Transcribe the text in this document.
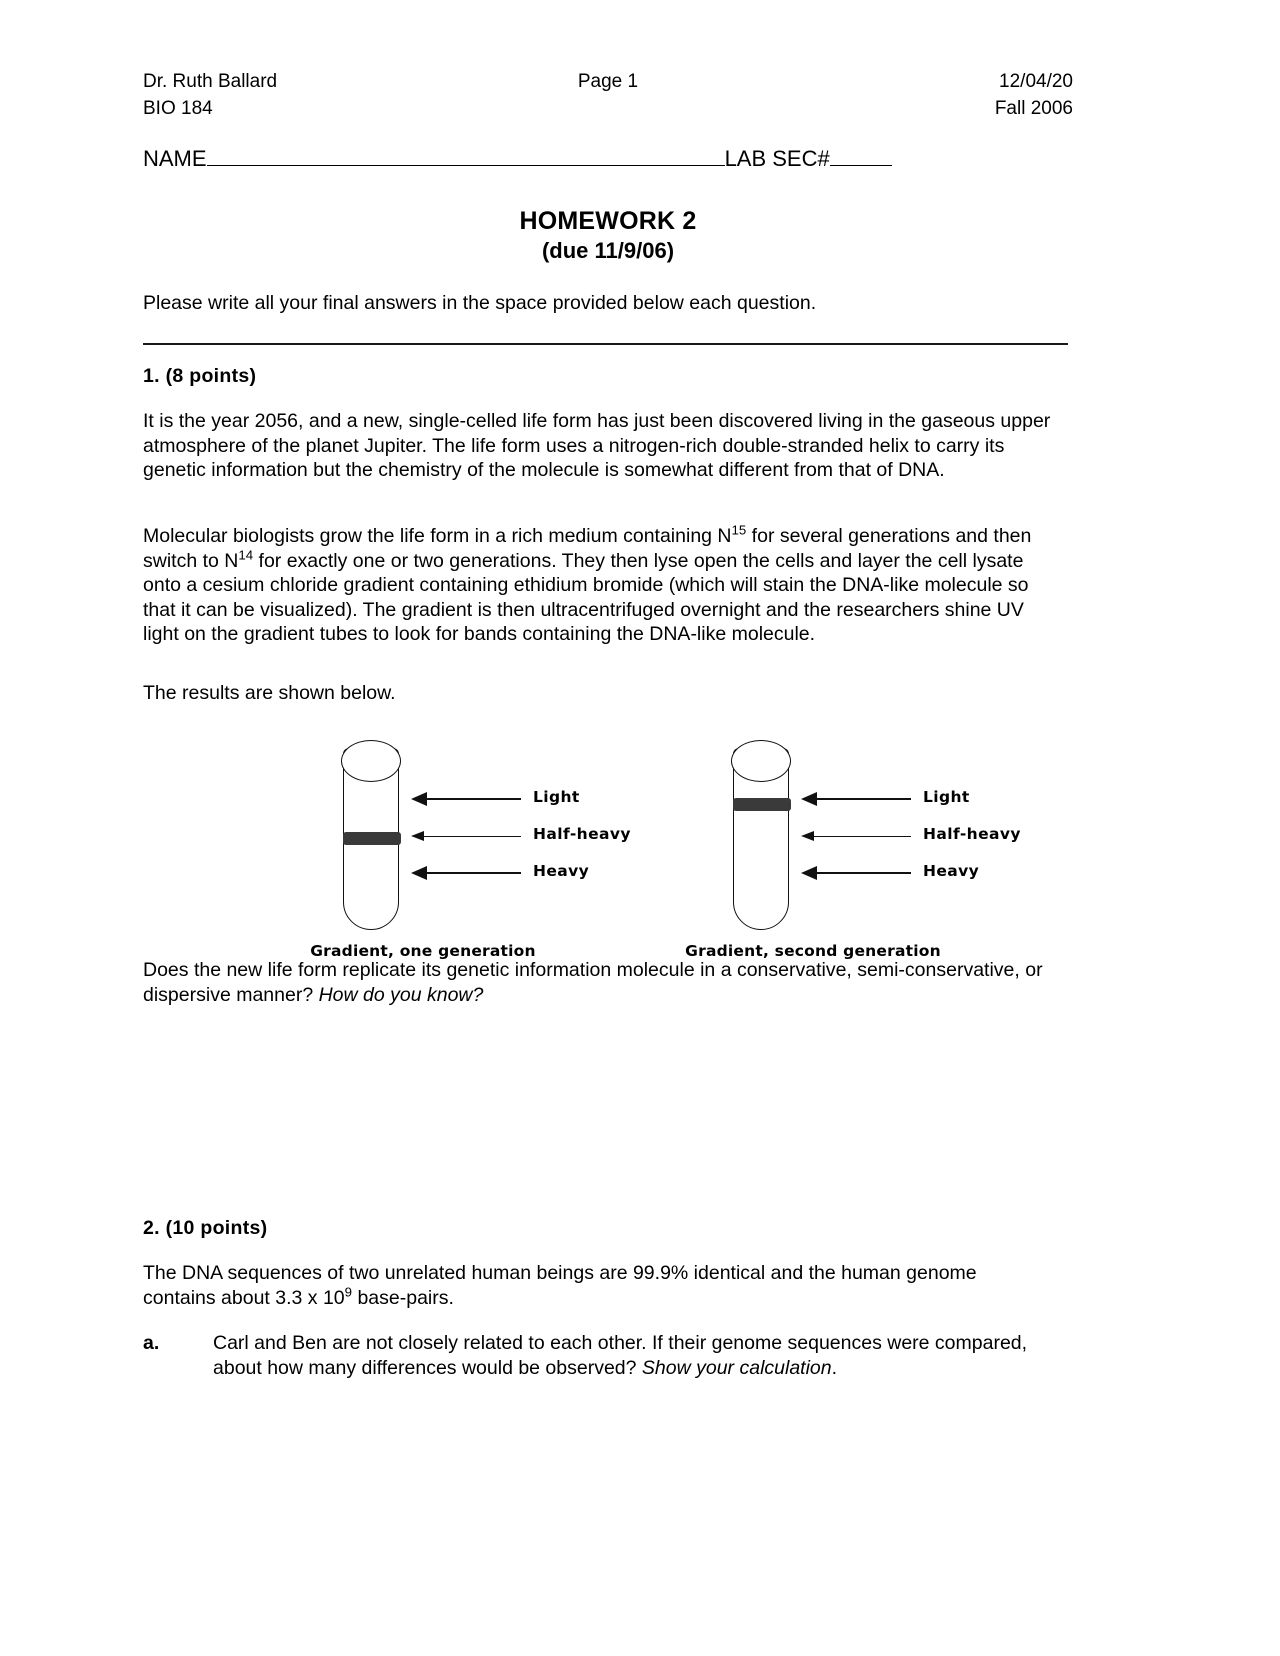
Dr. Ruth Ballard	Page 1	12/04/20
BIO 184	Fall 2006
NAME	LAB SEC#
HOMEWORK 2
(due 11/9/06)
Please write all your final answers in the space provided below each question.
1. (8 points)
It is the year 2056, and a new, single-celled life form has just been discovered living in the gaseous upper atmosphere of the planet Jupiter. The life form uses a nitrogen-rich double-stranded helix to carry its genetic information but the chemistry of the molecule is somewhat different from that of DNA.
Molecular biologists grow the life form in a rich medium containing $N^{15}$ for several generations and then switch to $N^{14}$ for exactly one or two generations. They then lyse open the cells and layer the cell lysate onto a cesium chloride gradient containing ethidium bromide (which will stain the DNA-like molecule so that it can be visualized). The gradient is then ultracentrifuged overnight and the researchers shine UV light on the gradient tubes to look for bands containing the DNA-like molecule.
The results are shown below.
Light
Half-heavy
Heavy
Gradient, one generation
Light
Half-heavy
Heavy
Gradient, second generation
Does the new life form replicate its genetic information molecule in a conservative, semi-conservative, or dispersive manner? How do you know?
2. (10 points)
The DNA sequences of two unrelated human beings are 99.9% identical and the human genome contains about 3.3 x $10^9$ base-pairs.
a.	Carl and Ben are not closely related to each other. If their genome sequences were compared, about how many differences would be observed? Show your calculation.
